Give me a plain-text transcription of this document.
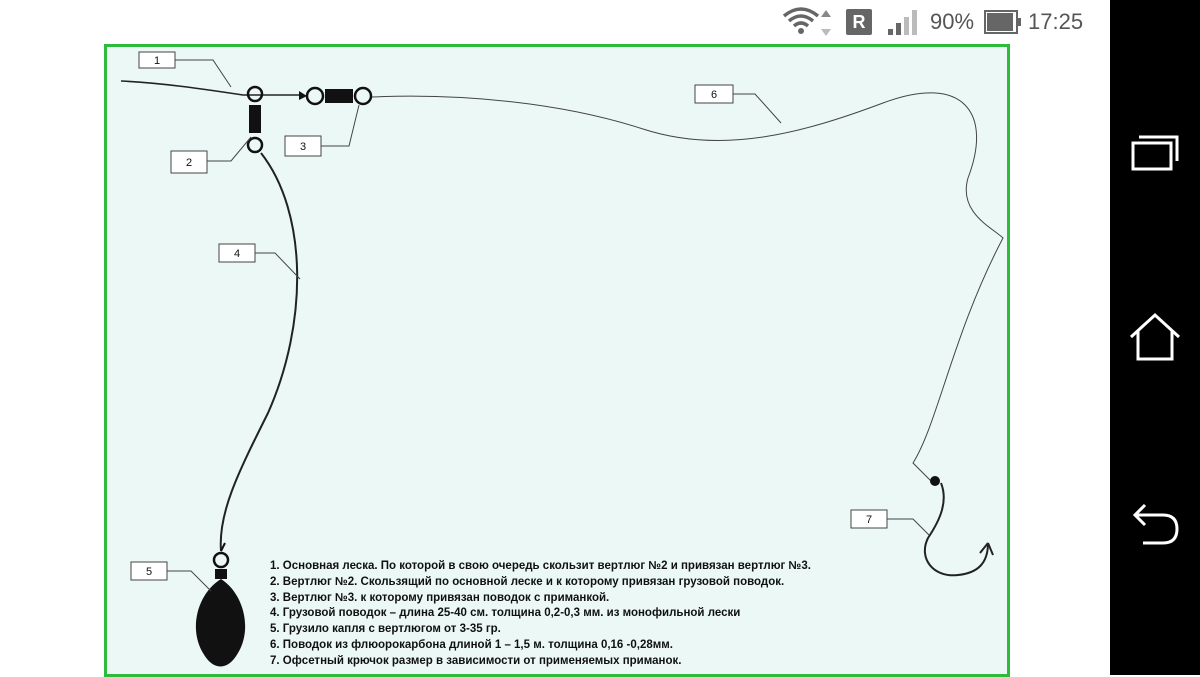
R	90% 17:25
1
2
3
4
5
6
7
1. Основная леска. По которой в свою очередь скользит вертлюг №2 и привязан вертлюг №3.
2. Вертлюг №2. Скользящий по основной леске и к которому привязан грузовой поводок.
3. Вертлюг №3. к которому привязан поводок с приманкой.
4. Грузовой поводок – длина 25-40 см. толщина 0,2-0,3 мм. из монофильной лески
5. Грузило капля с вертлюгом от 3-35 гр.
6. Поводок из флюорокарбона длиной 1 – 1,5 м. толщина 0,16 -0,28мм.
7. Офсетный крючок размер в зависимости от применяемых приманок.
